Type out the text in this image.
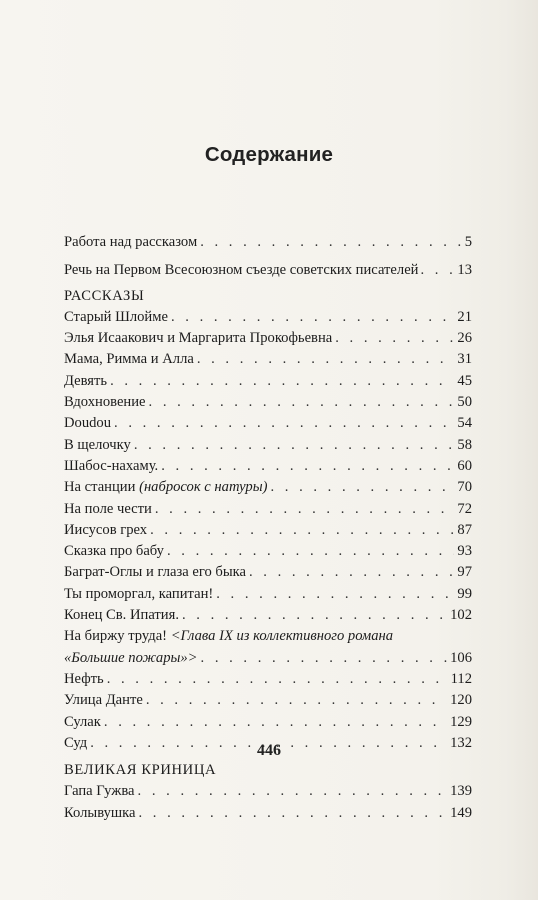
Содержание
Работа над рассказом . . .	5
Речь на Первом Всесоюзном съезде советских писателей . . .	13
РАССКАЗЫ
Старый Шлойме . . .	21
Элья Исаакович и Маргарита Прокофьевна . . .	26
Мама, Римма и Алла . . .	31
Девять . . .	45
Вдохновение . . .	50
Doudou . . .	54
В щелочку . . .	58
Шабос-нахаму. . . .	60
На станции (набросок с натуры) . . .	70
На поле чести . . .	72
Иисусов грех . . .	87
Сказка про бабу . . .	93
Баграт-Оглы и глаза его быка . . .	97
Ты проморгал, капитан! . . .	99
Конец Св. Ипатия. . . .	102
На биржу труда! <Глава IX из коллективного романа
«Большие пожары»> . . .	106
Нефть . . .	112
Улица Данте . . .	120
Сулак . . .	129
Суд . . .	132
ВЕЛИКАЯ КРИНИЦА
Гапа Гужва . . .	139
Колывушка . . .	149
446
